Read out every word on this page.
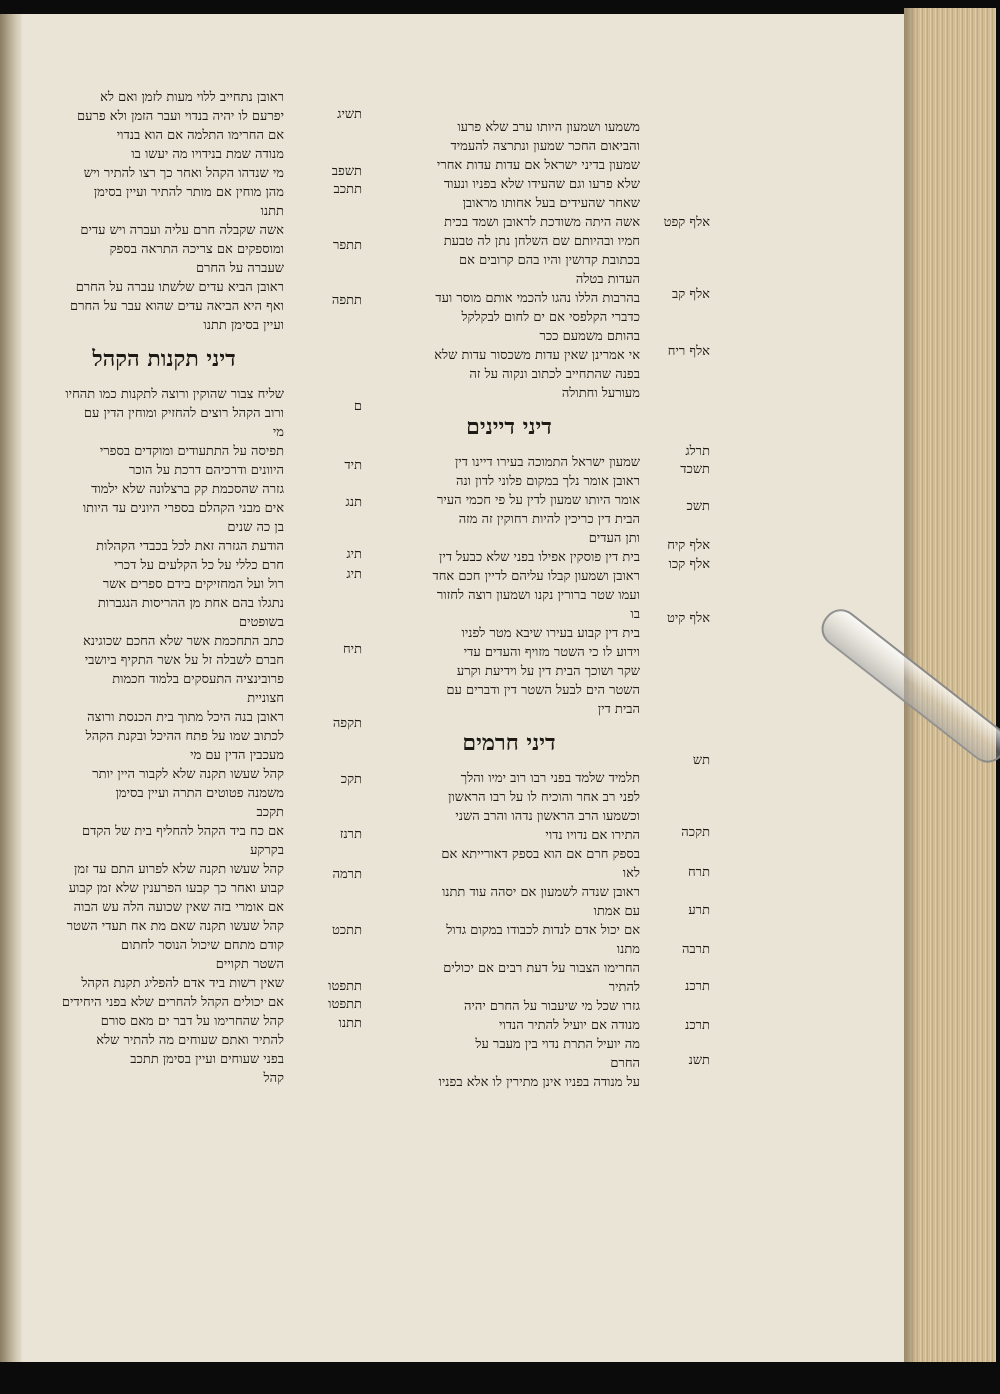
משמעו ושמעון היותו ערב שלא פרעו
והביאום החכר שמעון ונתרצה להעמיד
שמעון בדיני ישראל אם עדות עדות אחרי
שלא פרעו וגם שהעידו שלא בפניו ונעוד
שאחר שהעידים בעל אחותו מראובן
אשה היתה משודכת לראובן ושמד בכית
חמיו ובהיותם שם השלחן נתן לה טבעת
בכתובת קדושין והיו בהם קרובים אם
העדות בטלה
בהרבות הללו נהגו להכמי אותם מוסר ועד
כדברי הקלפסי אם ים לחום לבקלקל
בהותם משמעם ככר
אי אמרינן שאין עדות משכסור עדות שלא
בפנה שהתחייב לכתוב ונקוה על זה
מעורעל וחתולה
דיני דיינים
שמעון ישראל התמוכה בעירו דיינו דין
ראובן אומר נלך במקום פלוני לדון ונה
אומר היותו שמעון לדין על פי חכמי העיר
הבית דין כריכין להיות רחוקין זה מזה
ותן העדים
בית דין פוסקין אפילו בפני שלא כבעל דין
ראובן ושמעון קבלו עליהם לדיין חכם אחד
ועמו שטר ברורין נקנו ושמעון רוצה לחזור
בו
בית דין קבוע בעירו שיבא מטר לפניו
וידוע לו כי השטר מזויף והעדים עדי
שקר ושוכך הבית דין על וידיעת וקרע
השטר הים לבעל השטר דין ודברים עם
הבית דין
דיני חרמים
תלמיד שלמד בפני רבו רוב ימיו והלך
לפני רב אחר והוכיח לו על רבו הראשון
וכשמעו הרב הראשון נדהו והרב השני
התירו אם נדויו נדוי
בספק חרם אם הוא בספק דאורייתא אם
לאו
ראובן שנדה לשמעון אם יסהה עוד תתנו
עם אמתו
אם יכול אדם לנדות לכבודו במקום גדול
מתנו
החרימו הצבור על דעת רבים אם יכולים
להתיר
גזרו שכל מי שיעבור על החרם יהיה
מנודה אם יועיל להתיר הנדוי
מה יועיל התרת נדוי בין מעבר על
החרם
על מנודה בפניו אינן מתירין לו אלא בפניו
אלף קפט
אלף קב
אלף ריח
תרלג
תשכד
תשכ
אלף קיח
אלף קכו
אלף קיט
תש
תקכה
תרח
תרע
תרבה
תרכנ
תרכנ
תשנ
ראובן נתחייב ללוי מעות לזמן ואם לא
יפרעם לו יהיה בנדוי ועבר הזמן ולא פרעם
אם החרימו התלמה אם הוא בנדוי
מנודה שמת בנידויו מה יעשו בו
מי שנדהו הקהל ואחר כך רצו להתיר ויש
מהן מוחין אם מותר להתיר ועיין בסימן
תתנו
אשה שקבלה חרם עליה ועברה ויש עדים
ומוספקים אם צריכה התראה בספק
שעברה על החרם
ראובן הביא עדים שלשתו עברה על החרם
ואף היא הביאה עדים שהוא עבר על החרם
ועיין בסימן תתנו
דיני תקנות הקהל
שליח צבור שהוקין ורוצה לתקנות כמו תהחיו
ורוב הקהל רוצים להחזיק ומוחין הדין עם
מי
תפיסה על התתעודים ומוקדים בספרי
היוונים ודרכיהם דרכת על הוכר
גזרה שהסכמת קק ברצלונה שלא ילמוד
אים מבני הקהלם בספרי היונים עד היותו
בן כה שנים
הודעת הגזרה זאת לכל בכבדי הקהלות
חרם כללי על כל הקלעים על דכרי
רול ועל המחזיקים בידם ספרים אשר
נתגלו בהם אחת מן ההריסות הנגברות
בשופטים
כתב התחכמת אשר שלא החכם שכוגינא
חברם לשבלה זל על אשר התקיף ביושבי
פרובינציה התעסקים בלמוד חכמות
חצוניית
ראובן בנה היכל מתוך בית הכנסת ורוצה
לכתוב שמו על פתח ההיכל ובקנת הקהל
מעכבין הדין עם מי
קהל שעשו תקנה שלא לקבור היין יותר
משמנה פטוטים התרה ועיין בסימן
תקכב
אם כח ביד הקהל להחליף בית של הקדם
בקרקע
קהל שעשו תקנה שלא לפרוע התם עד זמן
קבוע ואחר כך קבעו הפרענין שלא זמן קבוע
אם אומרי בזה שאין שכועה הלה עש הבוה
קהל שעשו תקנה שאם מת אח תעדי השטר
קודם מתחם שיכול הנוסר לחתום
השטר תקויים
שאין רשות ביד אדם להפליג תקנת הקהל
אם יכולים הקהל להחרים שלא בפני היחידים
קהל שהחרימו על דבר ים מאם סורם
להתיר ואתם שעוחים מה להתיר שלא
בפני שעוחים ועיין בסימן תתכב
קהל
תשיג
תשפב
תתכב
תתפר
תתפה
ם
תיד
תנג
תיג
תיג
תיח
תקפה
תקכ
תרנז
תרמה
תתכט
תתפטו
תתפטו
תתנו
